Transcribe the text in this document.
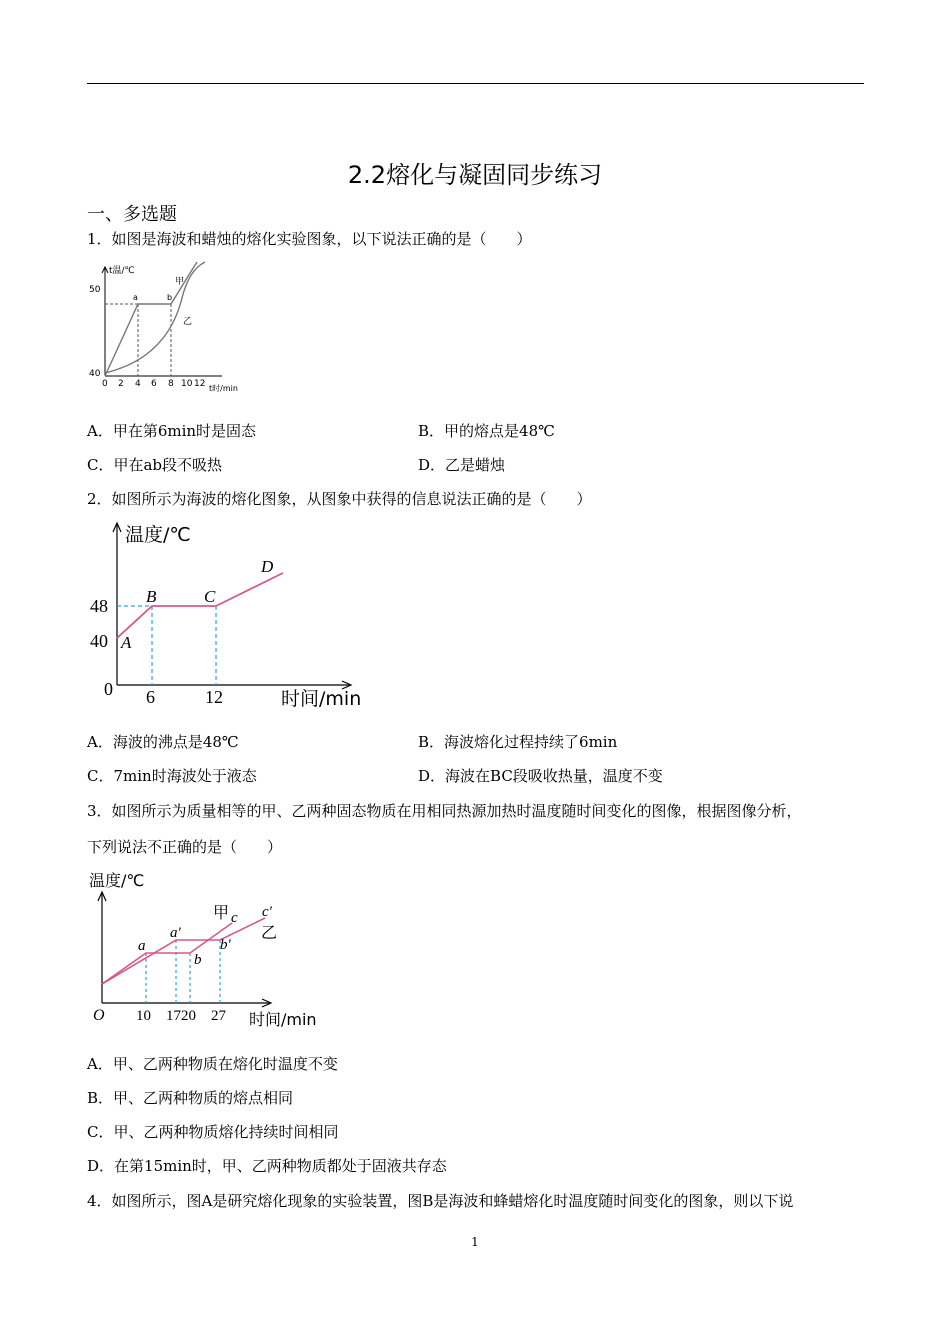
2.2熔化与凝固同步练习
一、多选题
1．如图是海波和蜡烛的熔化实验图象，以下说法正确的是（　　）
t温/℃
50
40
0 2 4 6 8 10 12 t时/min
a	b
甲
乙
A．甲在第6min时是固态	B．甲的熔点是48℃
C．甲在ab段不吸热	D．乙是蜡烛
2．如图所示为海波的熔化图象，从图象中获得的信息说法正确的是（　　）
温度/℃
48
40
0 6	12	时间/min
A
B	C
D
A．海波的沸点是48℃	B．海波熔化过程持续了6min
C．7min时海波处于液态	D．海波在BC段吸收热量，温度不变
3．如图所示为质量相等的甲、乙两种固态物质在用相同热源加热时温度随时间变化的图像，根据图像分析，
下列说法不正确的是（　　）
温度/℃
O 10 1720 27 时间/min
a
a′
b
b′
甲 c c′
乙
A．甲、乙两种物质在熔化时温度不变
B．甲、乙两种物质的熔点相同
C．甲、乙两种物质熔化持续时间相同
D．在第15min时，甲、乙两种物质都处于固液共存态
4．如图所示，图A是研究熔化现象的实验装置，图B是海波和蜂蜡熔化时温度随时间变化的图象，则以下说
1
